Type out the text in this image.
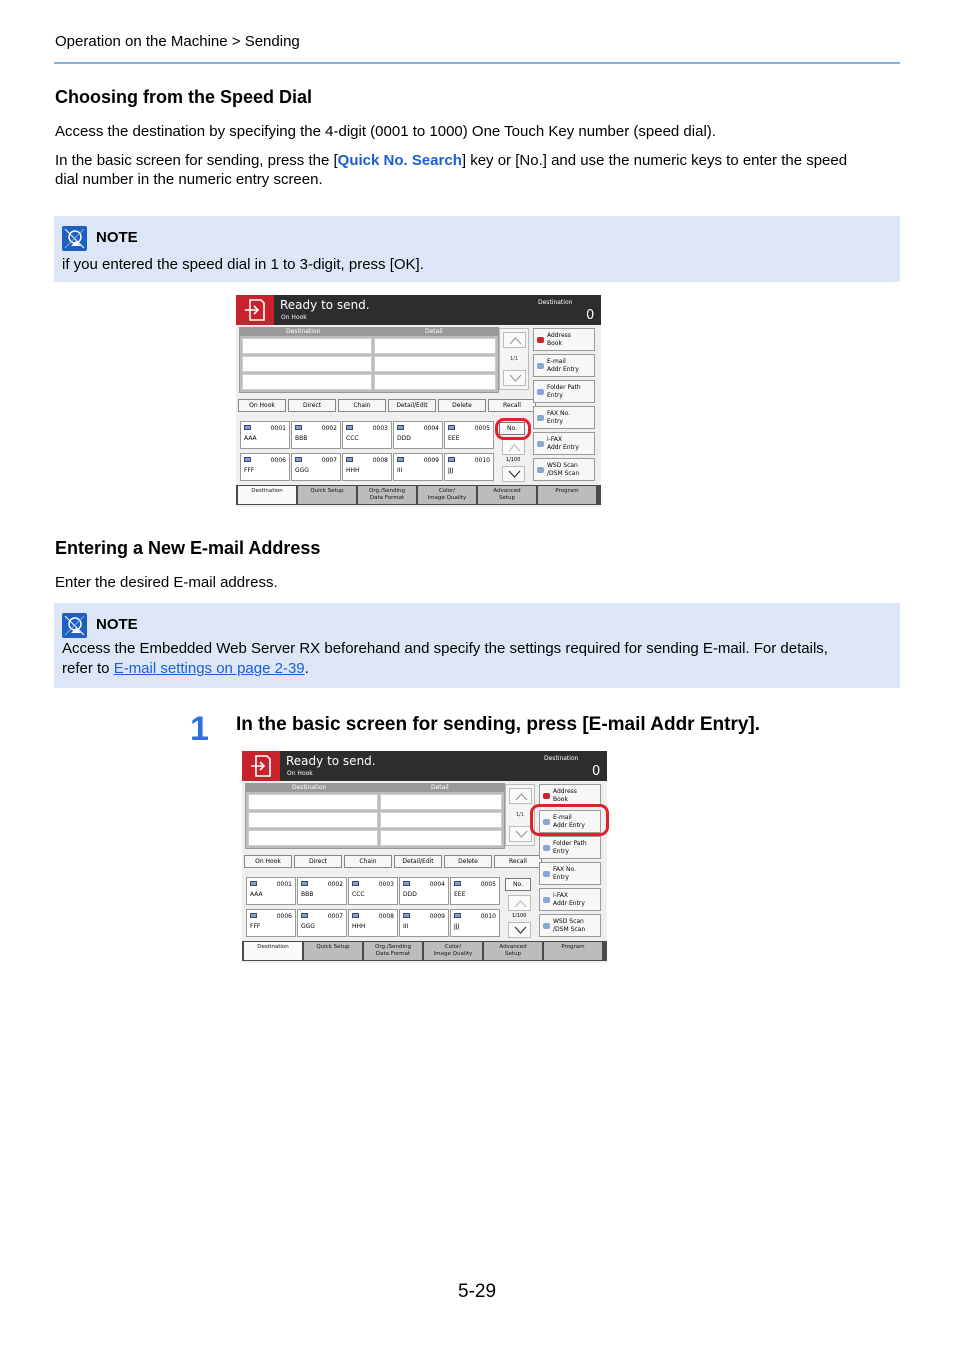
Operation on the Machine > Sending
Choosing from the Speed Dial
Access the destination by specifying the 4-digit (0001 to 1000) One Touch Key number (speed dial).
In the basic screen for sending, press the [Quick No. Search] key or [No.] and use the numeric keys to enter the speed
dial number in the numeric entry screen.
NOTE
if you entered the speed dial in 1 to 3-digit, press [OK].
Ready to send.
On Hook
Destination
0
Destination	Detail
1/1
On Hook	Direct	Chain	Detail/Edit	Delete	Recall
0001
AAA
0002
BBB
0003
CCC
0004
DDD
0005
EEE
0006
FFF
0007
GGG
0008
HHH
0009
III
0010
JJJ
No.
1/100
Address
Book
E-mail
Addr Entry
Folder Path
Entry
FAX No.
Entry
i-FAX
Addr Entry
WSD Scan
/DSM Scan
Destination	Quick Setup	Org./Sending
Data Format
Color/
Image Quality
Advanced
Setup
Program
Entering a New E-mail Address
Enter the desired E-mail address.
NOTE
Access the Embedded Web Server RX beforehand and specify the settings required for sending E-mail. For details,
refer to E-mail settings on page 2-39.
1 In the basic screen for sending, press [E-mail Addr Entry].
Ready to send.
On Hook
Destination
0
Destination	Detail
1/1
On Hook	Direct	Chain	Detail/Edit	Delete	Recall
0001
AAA
0002
BBB
0003
CCC
0004
DDD
0005
EEE
0006
FFF
0007
GGG
0008
HHH
0009
III
0010
JJJ
No.
1/100
Address
Book
E-mail
Addr Entry
Folder Path
Entry
FAX No.
Entry
i-FAX
Addr Entry
WSD Scan
/DSM Scan
Destination	Quick Setup	Org./Sending
Data Format
Color/
Image Quality
Advanced
Setup
Program
5-29
